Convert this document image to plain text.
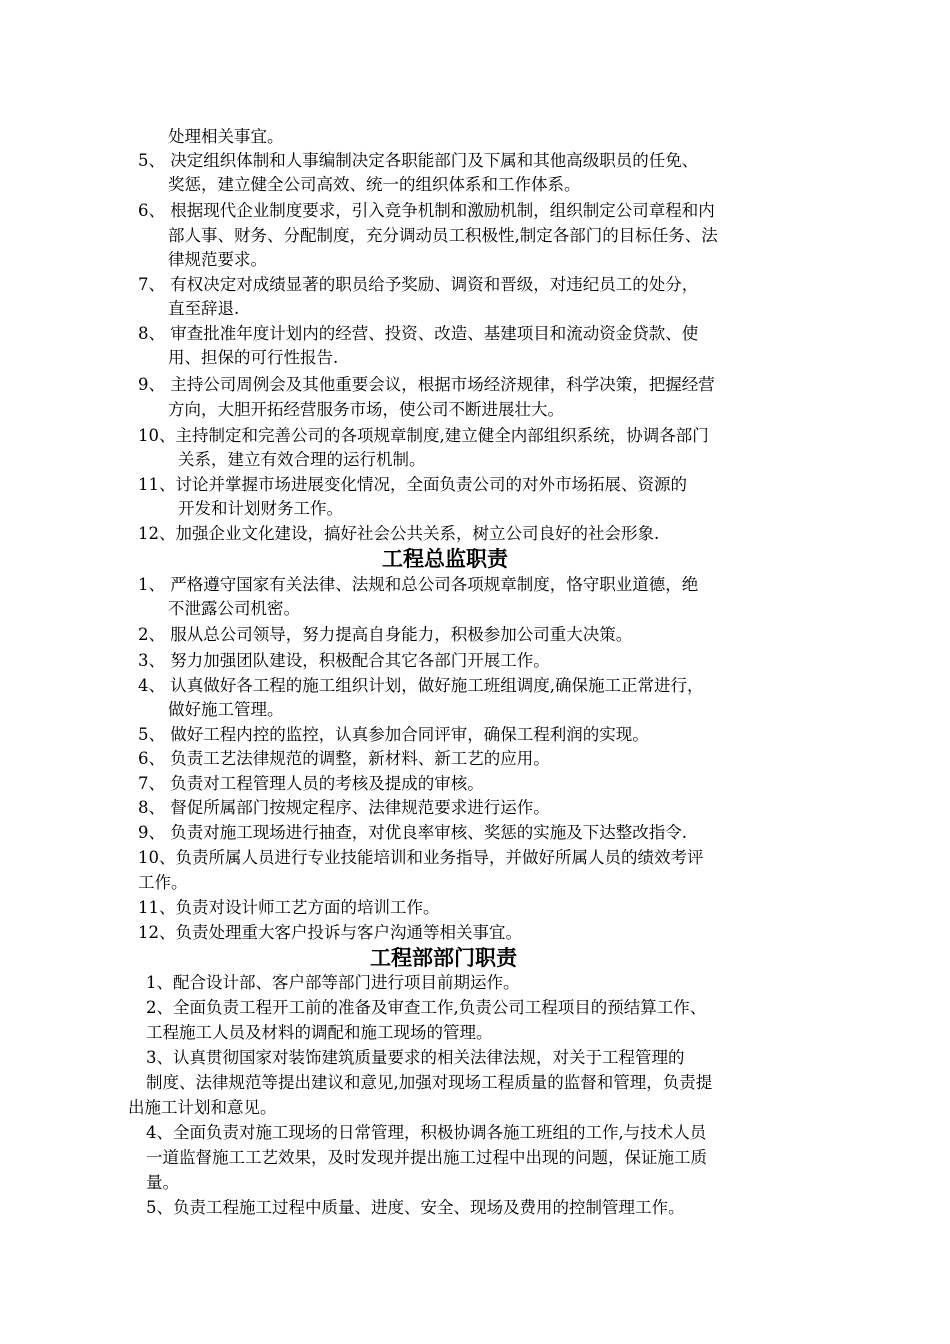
处理相关事宜。
5、 决定组织体制和人事编制决定各职能部门及下属和其他高级职员的任免、
奖惩，建立健全公司高效、统一的组织体系和工作体系。
6、 根据现代企业制度要求，引入竞争机制和激励机制，组织制定公司章程和内
部人事、财务、分配制度，充分调动员工积极性,制定各部门的目标任务、法
律规范要求。
7、 有权决定对成绩显著的职员给予奖励、调资和晋级，对违纪员工的处分，
直至辞退.
8、 审查批准年度计划内的经营、投资、改造、基建项目和流动资金贷款、使
用、担保的可行性报告.
9、 主持公司周例会及其他重要会议，根据市场经济规律，科学决策，把握经营
方向，大胆开拓经营服务市场，使公司不断进展壮大。
10、主持制定和完善公司的各项规章制度,建立健全内部组织系统，协调各部门
关系，建立有效合理的运行机制。
11、讨论并掌握市场进展变化情况，全面负责公司的对外市场拓展、资源的
开发和计划财务工作。
12、加强企业文化建设，搞好社会公共关系，树立公司良好的社会形象.
工程总监职责
1、 严格遵守国家有关法律、法规和总公司各项规章制度，恪守职业道德，绝
不泄露公司机密。
2、 服从总公司领导，努力提高自身能力，积极参加公司重大决策。
3、 努力加强团队建设，积极配合其它各部门开展工作。
4、 认真做好各工程的施工组织计划，做好施工班组调度,确保施工正常进行，
做好施工管理。
5、 做好工程内控的监控，认真参加合同评审，确保工程利润的实现。
6、 负责工艺法律规范的调整，新材料、新工艺的应用。
7、 负责对工程管理人员的考核及提成的审核。
8、 督促所属部门按规定程序、法律规范要求进行运作。
9、 负责对施工现场进行抽查，对优良率审核、奖惩的实施及下达整改指令.
10、负责所属人员进行专业技能培训和业务指导，并做好所属人员的绩效考评
工作。
11、负责对设计师工艺方面的培训工作。
12、负责处理重大客户投诉与客户沟通等相关事宜。
工程部部门职责
1、配合设计部、客户部等部门进行项目前期运作。
2、全面负责工程开工前的准备及审查工作,负责公司工程项目的预结算工作、
工程施工人员及材料的调配和施工现场的管理。
3、认真贯彻国家对装饰建筑质量要求的相关法律法规，对关于工程管理的
制度、法律规范等提出建议和意见,加强对现场工程质量的监督和管理，负责提
出施工计划和意见。
4、全面负责对施工现场的日常管理，积极协调各施工班组的工作,与技术人员
一道监督施工工艺效果，及时发现并提出施工过程中出现的问题，保证施工质
量。
5、负责工程施工过程中质量、进度、安全、现场及费用的控制管理工作。
